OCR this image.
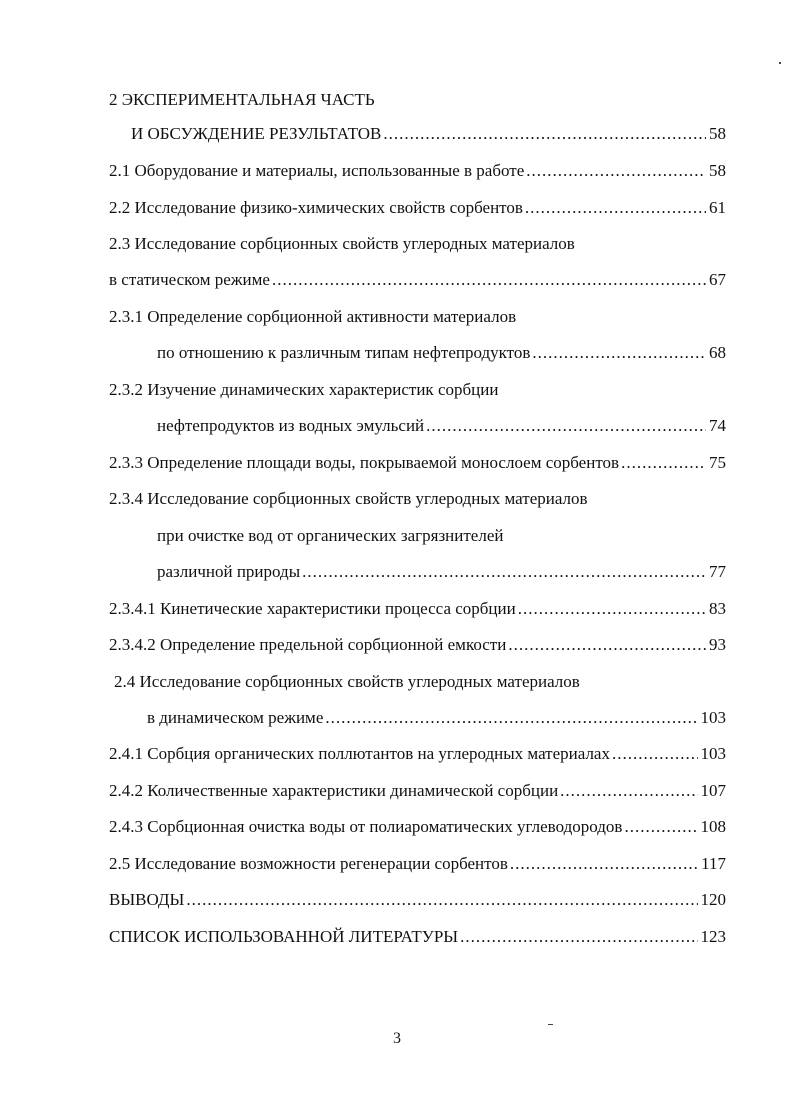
2 ЭКСПЕРИМЕНТАЛЬНАЯ ЧАСТЬ
И ОБСУЖДЕНИЕ РЕЗУЛЬТАТОВ .....	58
2.1 Оборудование и материалы, использованные в работе .....	58
2.2 Исследование физико-химических свойств сорбентов .....	61
2.3 Исследование сорбционных свойств углеродных материалов
в статическом режиме .....	67
2.3.1 Определение сорбционной активности материалов
по отношению к различным типам нефтепродуктов .....	68
2.3.2 Изучение динамических характеристик сорбции
нефтепродуктов из водных эмульсий .....	74
2.3.3 Определение площади воды, покрываемой монослоем сорбентов .....	75
2.3.4 Исследование сорбционных свойств углеродных материалов
при очистке вод от органических загрязнителей
различной природы .....	77
2.3.4.1 Кинетические характеристики процесса сорбции .....	83
2.3.4.2 Определение предельной сорбционной емкости .....	93
2.4 Исследование сорбционных свойств углеродных материалов
в динамическом режиме .....	103
2.4.1 Сорбция органических поллютантов на углеродных материалах .....	103
2.4.2 Количественные характеристики динамической сорбции .....	107
2.4.3 Сорбционная очистка воды от полиароматических углеводородов .....	108
2.5 Исследование возможности регенерации сорбентов .....	117
ВЫВОДЫ .....	120
СПИСОК ИСПОЛЬЗОВАННОЙ ЛИТЕРАТУРЫ .....	123
3
